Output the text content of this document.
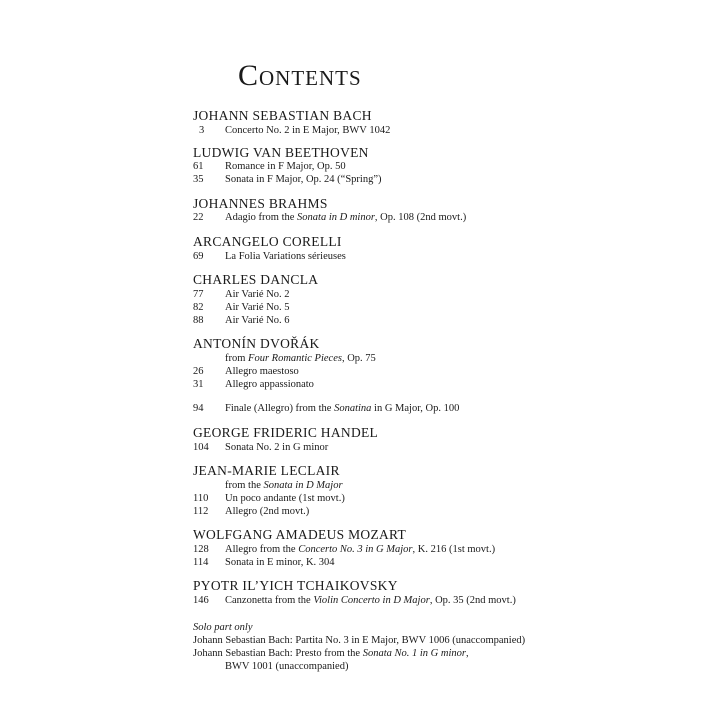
Contents
JOHANN SEBASTIAN BACH
3 Concerto No. 2 in E Major, BWV 1042
LUDWIG VAN BEETHOVEN
61 Romance in F Major, Op. 50
35 Sonata in F Major, Op. 24 (“Spring”)
JOHANNES BRAHMS
22 Adagio from the Sonata in D minor, Op. 108 (2nd movt.)
ARCANGELO CORELLI
69 La Folia Variations sérieuses
CHARLES DANCLA
77 Air Varié No. 2
82 Air Varié No. 5
88 Air Varié No. 6
ANTONÍN DVOŘÁK
from Four Romantic Pieces, Op. 75
26 Allegro maestoso
31 Allegro appassionato
94 Finale (Allegro) from the Sonatina in G Major, Op. 100
GEORGE FRIDERIC HANDEL
104 Sonata No. 2 in G minor
JEAN-MARIE LECLAIR
from the Sonata in D Major
110 Un poco andante (1st movt.)
112 Allegro (2nd movt.)
WOLFGANG AMADEUS MOZART
128 Allegro from the Concerto No. 3 in G Major, K. 216 (1st movt.)
114 Sonata in E minor, K. 304
PYOTR IL’YICH TCHAIKOVSKY
146 Canzonetta from the Violin Concerto in D Major, Op. 35 (2nd movt.)
Solo part only
Johann Sebastian Bach: Partita No. 3 in E Major, BWV 1006 (unaccompanied)
Johann Sebastian Bach: Presto from the Sonata No. 1 in G minor,
BWV 1001 (unaccompanied)
